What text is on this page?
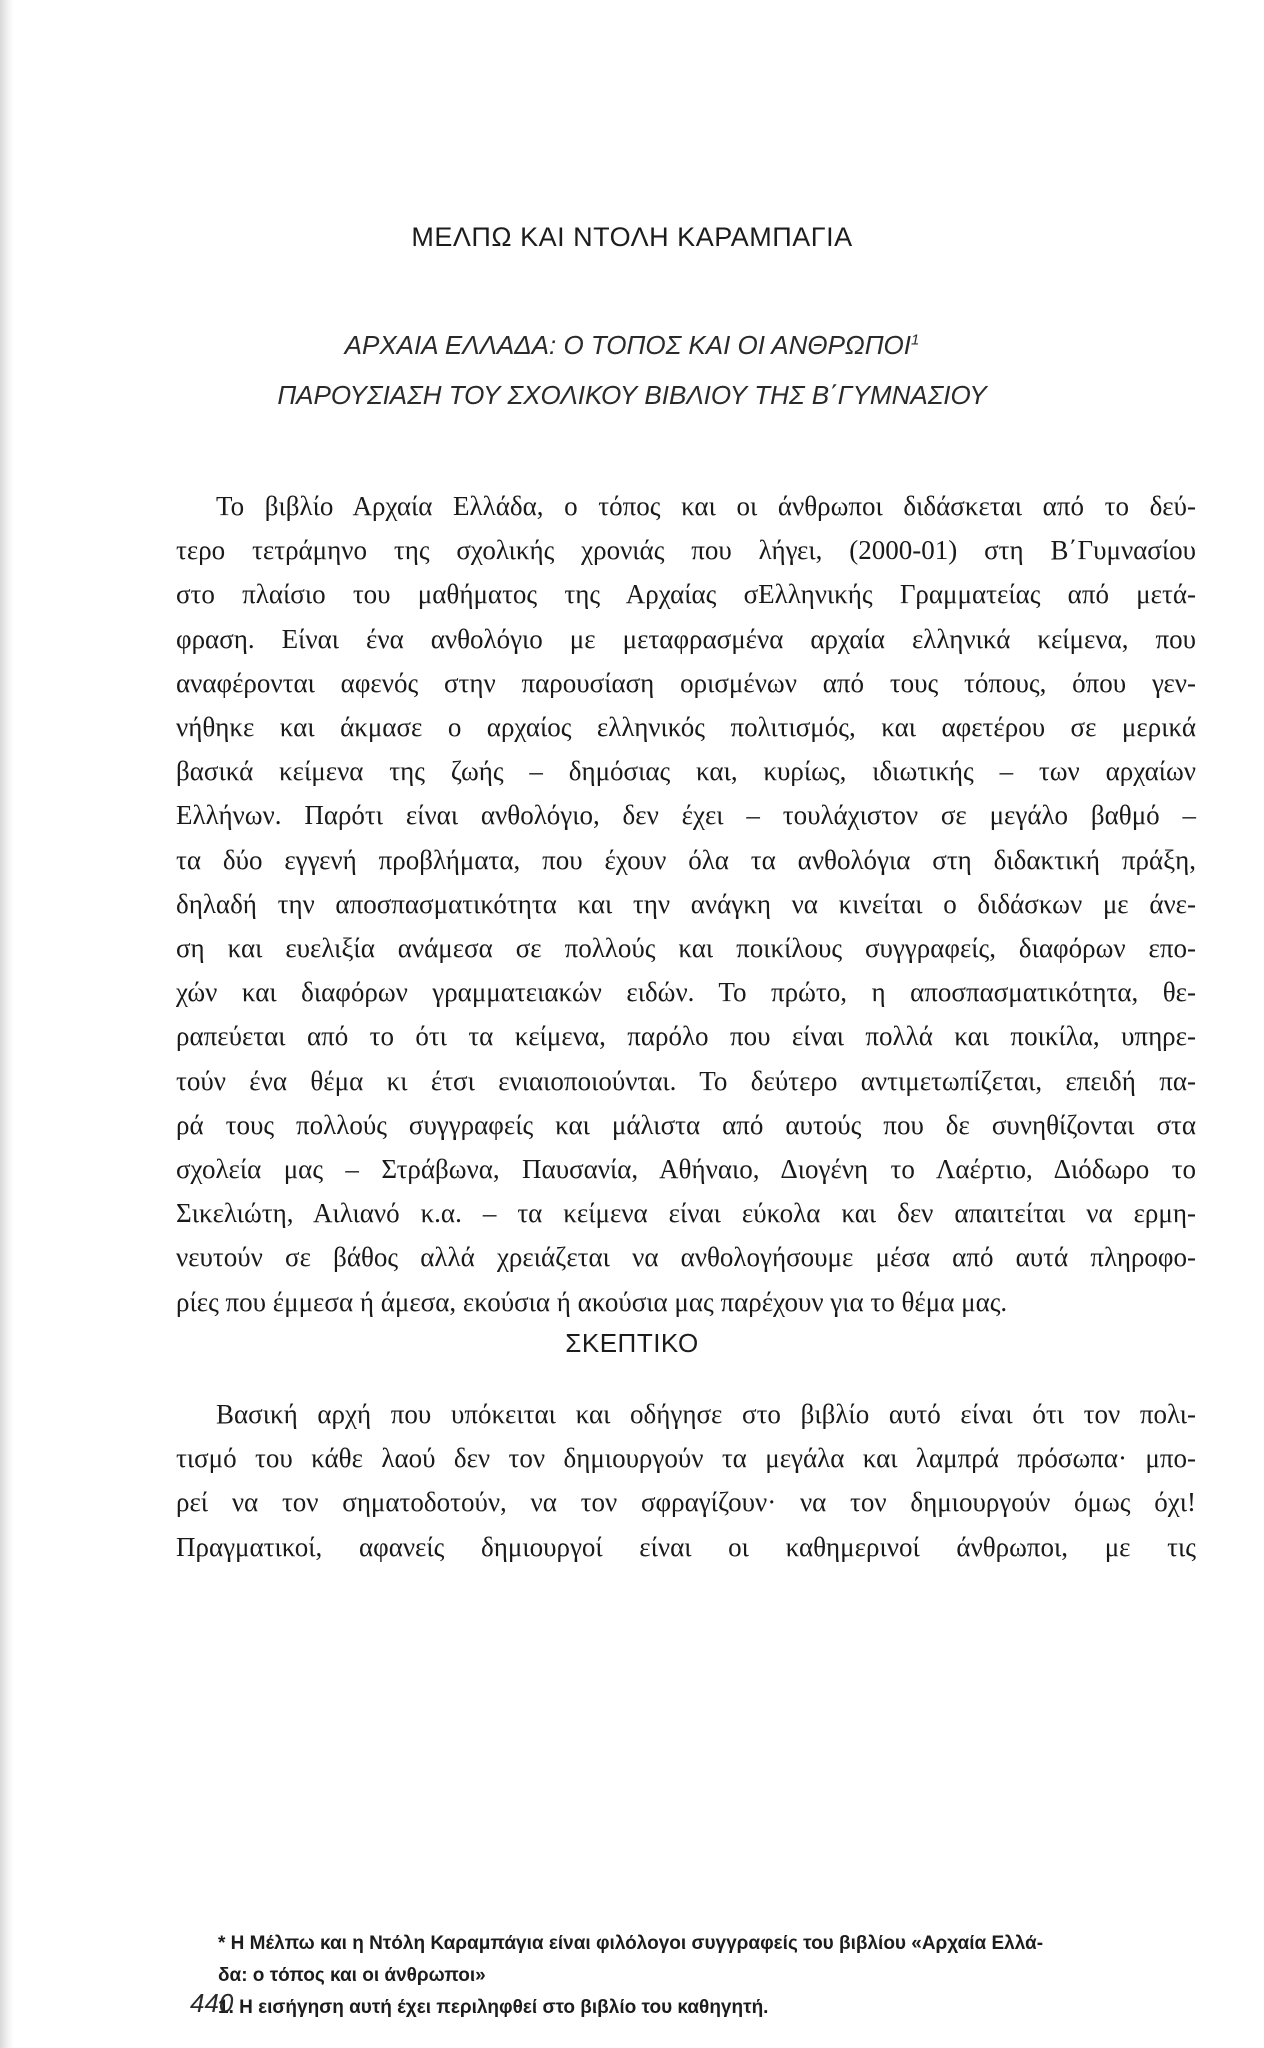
ΜΕΛΠΩ ΚΑΙ ΝΤΟΛΗ ΚΑΡΑΜΠΑΓΙΑ
ΑΡΧΑΙΑ ΕΛΛΑΔΑ: Ο ΤΟΠΟΣ ΚΑΙ ΟΙ ΑΝΘΡΩΠΟΙ$^1$
ΠΑΡΟΥΣΙΑΣΗ ΤΟΥ ΣΧΟΛΙΚΟΥ ΒΙΒΛΙΟΥ ΤΗΣ Β΄ΓΥΜΝΑΣΙΟΥ
Το βιβλίο Αρχαία Ελλάδα, ο τόπος και οι άνθρωποι διδάσκεται από το δεύ-
τερο τετράμηνο της σχολικής χρονιάς που λήγει, (2000-01) στη Β΄Γυμνασίου
στο πλαίσιο του μαθήματος της Αρχαίας σΕλληνικής Γραμματείας από μετά-
φραση. Είναι ένα ανθολόγιο με μεταφρασμένα αρχαία ελληνικά κείμενα, που
αναφέρονται αφενός στην παρουσίαση ορισμένων από τους τόπους, όπου γεν-
νήθηκε και άκμασε ο αρχαίος ελληνικός πολιτισμός, και αφετέρου σε μερικά
βασικά κείμενα της ζωής – δημόσιας και, κυρίως, ιδιωτικής – των αρχαίων
Ελλήνων. Παρότι είναι ανθολόγιο, δεν έχει – τουλάχιστον σε μεγάλο βαθμό –
τα δύο εγγενή προβλήματα, που έχουν όλα τα ανθολόγια στη διδακτική πράξη,
δηλαδή την αποσπασματικότητα και την ανάγκη να κινείται ο διδάσκων με άνε-
ση και ευελιξία ανάμεσα σε πολλούς και ποικίλους συγγραφείς, διαφόρων επο-
χών και διαφόρων γραμματειακών ειδών. Το πρώτο, η αποσπασματικότητα, θε-
ραπεύεται από το ότι τα κείμενα, παρόλο που είναι πολλά και ποικίλα, υπηρε-
τούν ένα θέμα κι έτσι ενιαιοποιούνται. Το δεύτερο αντιμετωπίζεται, επειδή πα-
ρά τους πολλούς συγγραφείς και μάλιστα από αυτούς που δε συνηθίζονται στα
σχολεία μας – Στράβωνα, Παυσανία, Αθήναιο, Διογένη το Λαέρτιο, Διόδωρο το
Σικελιώτη, Αιλιανό κ.α. – τα κείμενα είναι εύκολα και δεν απαιτείται να ερμη-
νευτούν σε βάθος αλλά χρειάζεται να ανθολογήσουμε μέσα από αυτά πληροφο-
ρίες που έμμεσα ή άμεσα, εκούσια ή ακούσια μας παρέχουν για το θέμα μας.
ΣΚΕΠΤΙΚΟ
Βασική αρχή που υπόκειται και οδήγησε στο βιβλίο αυτό είναι ότι τον πολι-
τισμό του κάθε λαού δεν τον δημιουργούν τα μεγάλα και λαμπρά πρόσωπα· μπο-
ρεί να τον σηματοδοτούν, να τον σφραγίζουν· να τον δημιουργούν όμως όχι!
Πραγματικοί, αφανείς δημιουργοί είναι οι καθημερινοί άνθρωποι, με τις
* Η Μέλπω και η Ντόλη Καραμπάγια είναι φιλόλογοι συγγραφείς του βιβλίου «Αρχαία Ελλά-
δα: ο τόπος και οι άνθρωποι»
1. Η εισήγηση αυτή έχει περιληφθεί στο βιβλίο του καθηγητή.
440
